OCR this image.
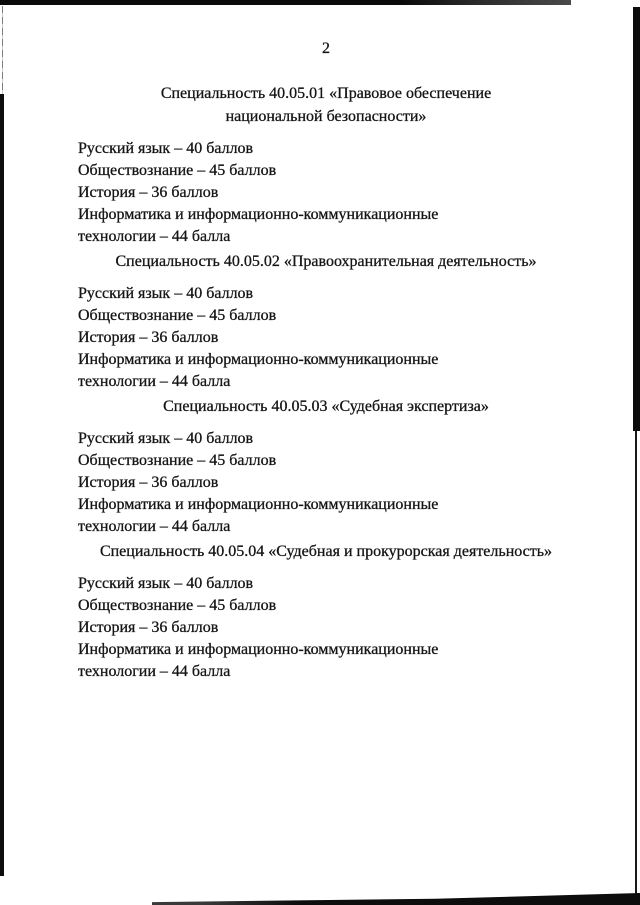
2
Специальность 40.05.01 «Правовое обеспечение
национальной безопасности»
Русский язык – 40 баллов
Обществознание – 45 баллов
История – 36 баллов
Информатика и информационно-коммуникационные
технологии – 44 балла
Специальность 40.05.02 «Правоохранительная деятельность»
Русский язык – 40 баллов
Обществознание – 45 баллов
История – 36 баллов
Информатика и информационно-коммуникационные
технологии – 44 балла
Специальность 40.05.03 «Судебная экспертиза»
Русский язык – 40 баллов
Обществознание – 45 баллов
История – 36 баллов
Информатика и информационно-коммуникационные
технологии – 44 балла
Специальность 40.05.04 «Судебная и прокурорская деятельность»
Русский язык – 40 баллов
Обществознание – 45 баллов
История – 36 баллов
Информатика и информационно-коммуникационные
технологии – 44 балла
